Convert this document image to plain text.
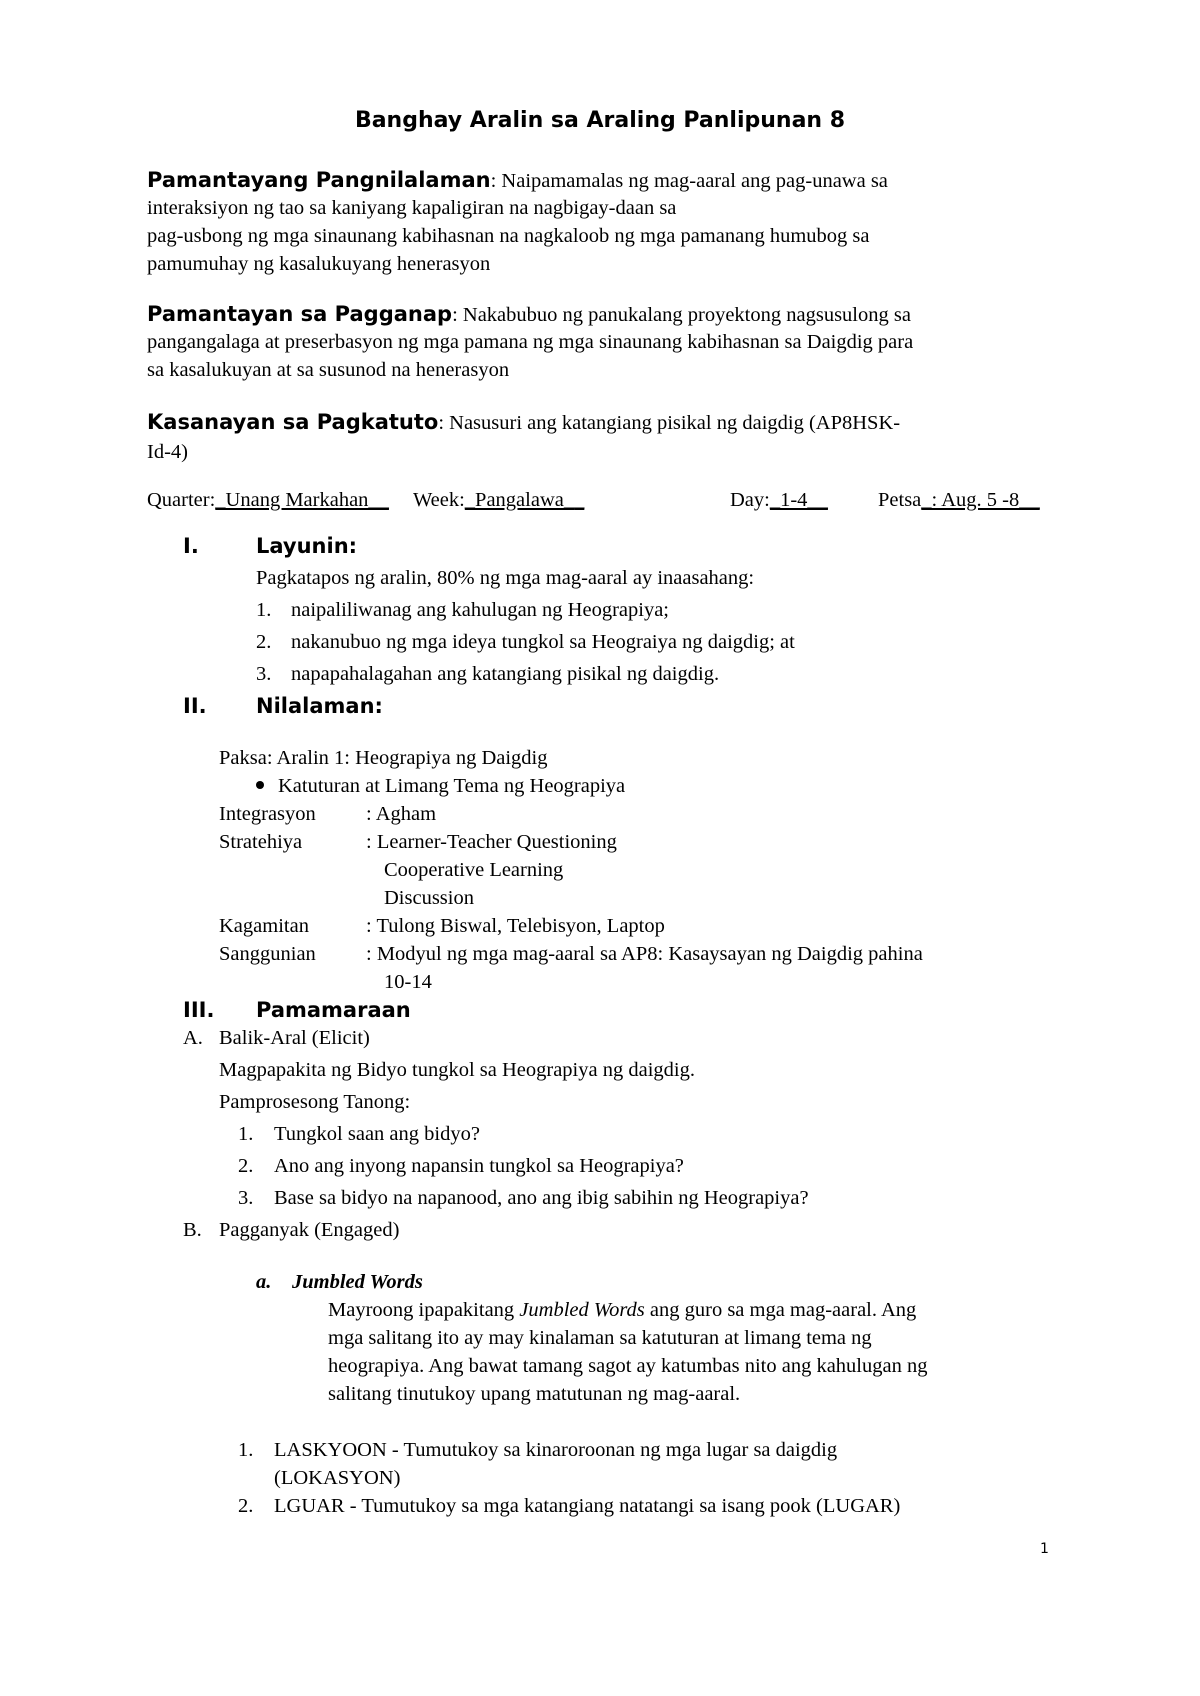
Banghay Aralin sa Araling Panlipunan 8
Pamantayang Pangnilalaman: Naipamamalas ng mag-aaral ang pag-unawa sa
interaksiyon ng tao sa kaniyang kapaligiran na nagbigay-daan sa
pag-usbong ng mga sinaunang kabihasnan na nagkaloob ng mga pamanang humubog sa
pamumuhay ng kasalukuyang henerasyon
Pamantayan sa Pagganap: Nakabubuo ng panukalang proyektong nagsusulong sa
pangangalaga at preserbasyon ng mga pamana ng mga sinaunang kabihasnan sa Daigdig para
sa kasalukuyan at sa susunod na henerasyon
Kasanayan sa Pagkatuto: Nasusuri ang katangiang pisikal ng daigdig (AP8HSK-
Id-4)
Quarter:_Unang Markahan__ Week:_Pangalawa__	Day:_1-4__ Petsa_: Aug. 5 -8__
I.	Layunin:
Pagkatapos ng aralin, 80% ng mga mag-aaral ay inaasahang:
1. naipaliliwanag ang kahulugan ng Heograpiya;
2. nakanubuo ng mga ideya tungkol sa Heograiya ng daigdig; at
3. napapahalagahan ang katangiang pisikal ng daigdig.
II. Nilalaman:
Paksa: Aralin 1: Heograpiya ng Daigdig
Katuturan at Limang Tema ng Heograpiya
Integrasyon : Agham
Stratehiya	: Learner-Teacher Questioning
Cooperative Learning
Discussion
Kagamitan	: Tulong Biswal, Telebisyon, Laptop
Sanggunian : Modyul ng mga mag-aaral sa AP8: Kasaysayan ng Daigdig pahina
10-14
III. Pamamaraan
A. Balik-Aral (Elicit)
Magpapakita ng Bidyo tungkol sa Heograpiya ng daigdig.
Pamprosesong Tanong:
1. Tungkol saan ang bidyo?
2. Ano ang inyong napansin tungkol sa Heograpiya?
3. Base sa bidyo na napanood, ano ang ibig sabihin ng Heograpiya?
B. Pagganyak (Engaged)
a. Jumbled Words
Mayroong ipapakitang Jumbled Words ang guro sa mga mag-aaral. Ang
mga salitang ito ay may kinalaman sa katuturan at limang tema ng
heograpiya. Ang bawat tamang sagot ay katumbas nito ang kahulugan ng
salitang tinutukoy upang matutunan ng mag-aaral.
1. LASKYOON - Tumutukoy sa kinaroroonan ng mga lugar sa daigdig
(LOKASYON)
2. LGUAR - Tumutukoy sa mga katangiang natatangi sa isang pook (LUGAR)
1
